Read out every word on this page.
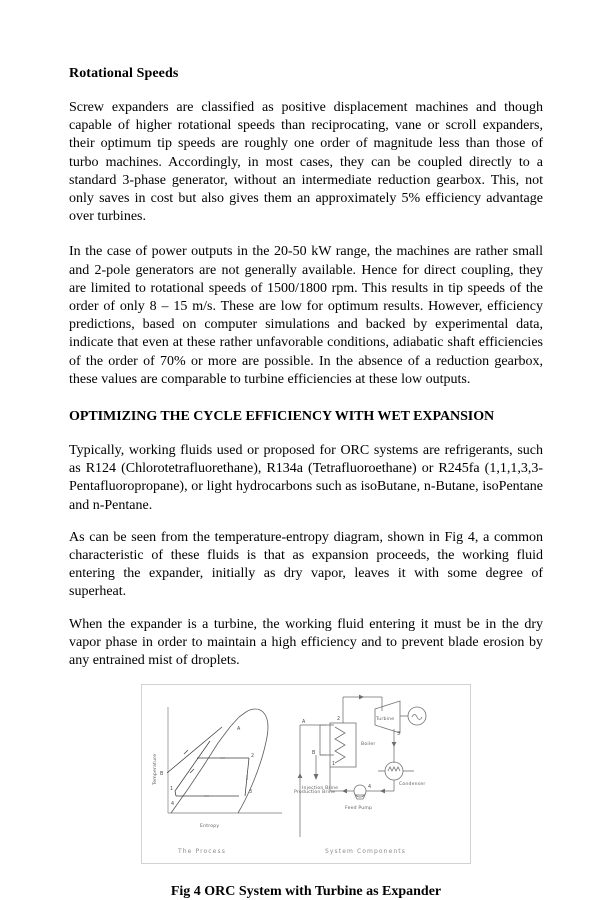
Rotational Speeds

Screw expanders are classified as positive displacement machines and though capable of higher rotational speeds than reciprocating, vane or scroll expanders, their optimum tip speeds are roughly one order of magnitude less than those of turbo machines. Accordingly, in most cases, they can be coupled directly to a standard 3-phase generator, without an intermediate reduction gearbox. This, not only saves in cost but also gives them an approximately 5% efficiency advantage over turbines.

In the case of power outputs in the 20-50 kW range, the machines are rather small and 2-pole generators are not generally available. Hence for direct coupling, they are limited to rotational speeds of 1500/1800 rpm. This results in tip speeds of the order of only 8 – 15 m/s. These are low for optimum results. However, efficiency predictions, based on computer simulations and backed by experimental data, indicate that even at these rather unfavorable conditions, adiabatic shaft efficiencies of the order of 70% or more are possible. In the absence of a reduction gearbox, these values are comparable to turbine efficiencies at these low outputs.

OPTIMIZING THE CYCLE EFFICIENCY WITH WET EXPANSION

Typically, working fluids used or proposed for ORC systems are refrigerants, such as R124 (Chlorotetrafluorethane), R134a (Tetrafluoroethane) or R245fa (1,1,1,3,3-Pentafluoropropane), or light hydrocarbons such as isoButane, n-Butane, isoPentane and n-Pentane.

As can be seen from the temperature-entropy diagram, shown in Fig 4, a common characteristic of these fluids is that as expansion proceeds, the working fluid entering the expander, initially as dry vapor, leaves it with some degree of superheat.

When the expander is a turbine, the working fluid entering it must be in the dry vapor phase in order to maintain a high efficiency and to prevent blade erosion by any entrained mist of droplets.

1
2
3
4
A
B
Temperature
Entropy
The Process
Boiler
A
B
Production Brine
Injection Brine
2	Turbine
3
Condenser
4
Feed Pump
1
System Components
Fig 4 ORC System with Turbine as Expander
